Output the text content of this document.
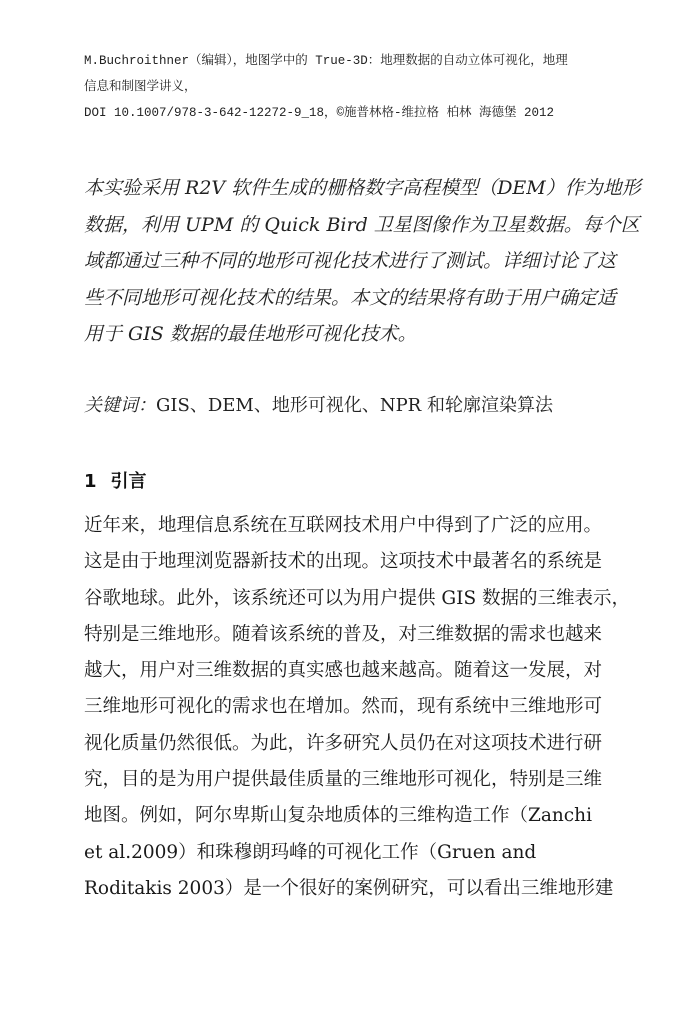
M.Buchroithner（编辑），地图学中的 True-3D：地理数据的自动立体可视化，地理
信息和制图学讲义，
DOI 10.1007/978-3-642-12272-9_18，©施普林格-维拉格 柏林 海德堡 2012
本实验采用 R2V 软件生成的栅格数字高程模型（DEM）作为地形
数据，利用 UPM 的 Quick Bird 卫星图像作为卫星数据。每个区
域都通过三种不同的地形可视化技术进行了测试。详细讨论了这
些不同地形可视化技术的结果。本文的结果将有助于用户确定适
用于 GIS 数据的最佳地形可视化技术。
关键词：GIS、DEM、地形可视化、NPR 和轮廓渲染算法
1 引言
近年来，地理信息系统在互联网技术用户中得到了广泛的应用。
这是由于地理浏览器新技术的出现。这项技术中最著名的系统是
谷歌地球。此外，该系统还可以为用户提供 GIS 数据的三维表示，
特别是三维地形。随着该系统的普及，对三维数据的需求也越来
越大，用户对三维数据的真实感也越来越高。随着这一发展，对
三维地形可视化的需求也在增加。然而，现有系统中三维地形可
视化质量仍然很低。为此，许多研究人员仍在对这项技术进行研
究，目的是为用户提供最佳质量的三维地形可视化，特别是三维
地图。例如，阿尔卑斯山复杂地质体的三维构造工作（Zanchi
et al.2009）和珠穆朗玛峰的可视化工作（Gruen and
Roditakis 2003）是一个很好的案例研究，可以看出三维地形建
